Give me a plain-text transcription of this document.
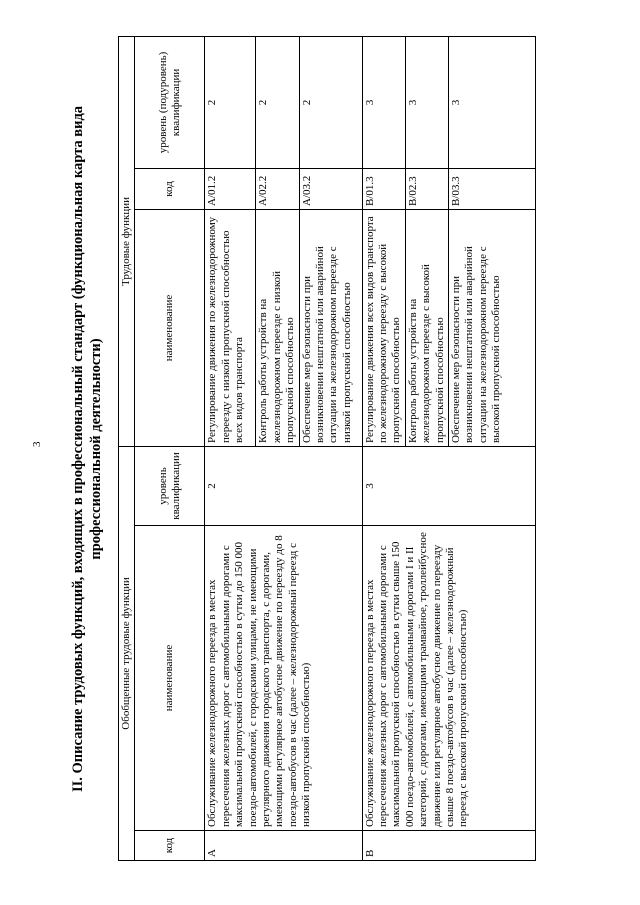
3 II. Описание трудовых функций, входящих в профессиональный стандарт (функциональная карта вида профессиональной деятельности)
Обобщенные трудовые функции			Трудовые функции		
код	наименование	уровень квалификации	наименование	код	уровень (подуровень) квалификации
A	Обслуживание железнодорожного переезда в местах пересечения железных дорог с автомобильными дорогами с максимальной пропускной способностью в сутки до 150 000 поездо-автомобилей, с городскими улицами, не имеющими регулярного движения городского транспорта, с дорогами, имеющими регулярное автобусное движение по переезду до 8 поездо-автобусов в час (далее – железнодорожный переезд с низкой пропускной способностью)	2	Регулирование движения по железнодорожному переезду с низкой пропускной способностью всех видов транспорта	A/01.2	2
			Контроль работы устройств на железнодорожном переезде с низкой пропускной способностью	A/02.2	2
			Обеспечение мер безопасности при возникновении нештатной или аварийной ситуации на железнодорожном переезде с низкой пропускной способностью	A/03.2	2
B	Обслуживание железнодорожного переезда в местах пересечения железных дорог с автомобильными дорогами с максимальной пропускной способностью в сутки свыше 150 000 поездо-автомобилей, с автомобильными дорогами I и II категорий, с дорогами, имеющими трамвайное, троллейбусное движение или регулярное автобусное движение по переезду свыше 8 поездо-автобусов в час (далее – железнодорожный переезд с высокой пропускной способностью)	3	Регулирование движения всех видов транспорта по железнодорожному переезду с высокой пропускной способностью	B/01.3	3
			Контроль работы устройств на железнодорожном переезде с высокой пропускной способностью	B/02.3	3
			Обеспечение мер безопасности при возникновении нештатной или аварийной ситуации на железнодорожном переезде с высокой пропускной способностью	B/03.3	3
